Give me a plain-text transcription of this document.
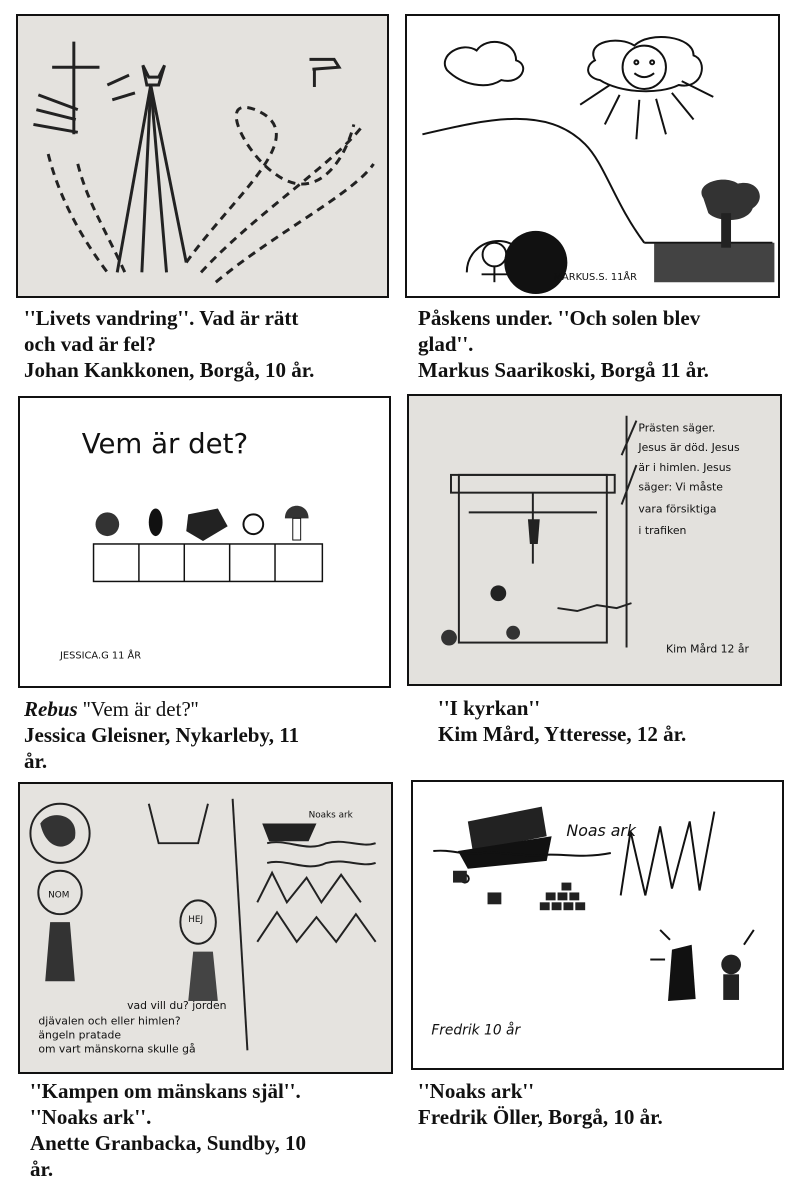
''Livets vandring''. Vad är rätt
och vad är fel?
Johan Kankkonen, Borgå, 10 år.
MARKUS.S. 11ÅR
Påskens under. ''Och solen blev
glad''.
Markus Saarikoski, Borgå 11 år.
Vem är det?
JESSICA.G 11 ÅR
Rebus ''Vem är det?''
Jessica Gleisner, Nykarleby, 11
år.
Prästen säger.
Jesus är död. Jesus
är i himlen. Jesus
säger: Vi måste
vara försiktiga
i trafiken
Kim Mård 12 år
''I kyrkan''
Kim Mård, Ytteresse, 12 år.
NOM
HEJ
Noaks ark
vad vill du? jorden
djävalen och eller himlen?
ängeln pratade
om vart mänskorna skulle gå
''Kampen om mänskans själ''.
''Noaks ark''.
Anette Granbacka, Sundby, 10
år.
Noas ark
Fredrik 10 år
''Noaks ark''
Fredrik Öller, Borgå, 10 år.
